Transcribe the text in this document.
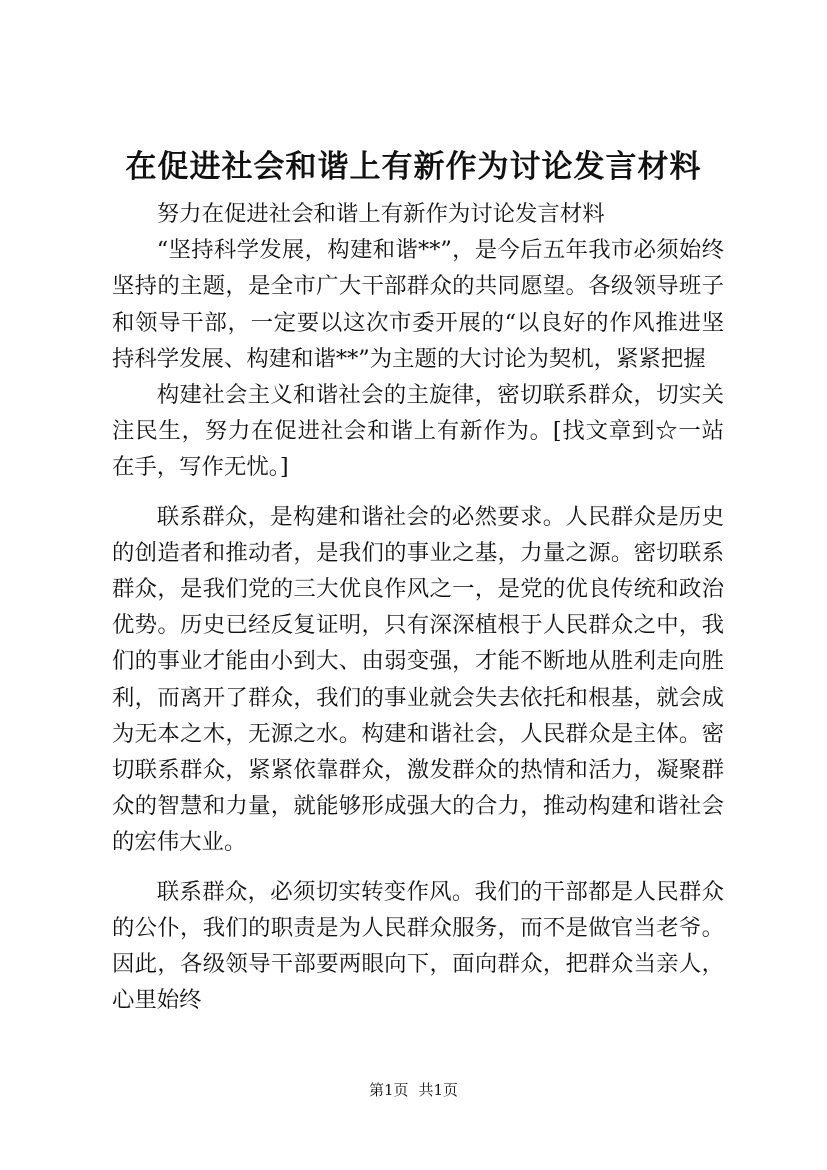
在促进社会和谐上有新作为讨论发言材料

努力在促进社会和谐上有新作为讨论发言材料

“坚持科学发展，构建和谐**”，是今后五年我市必须始终坚持的主题，是全市广大干部群众的共同愿望。各级领导班子和领导干部，一定要以这次市委开展的“以良好的作风推进坚持科学发展、构建和谐**”为主题的大讨论为契机，紧紧把握

构建社会主义和谐社会的主旋律，密切联系群众，切实关注民生，努力在促进社会和谐上有新作为。[找文章到☆一站在手，写作无忧。]

联系群众，是构建和谐社会的必然要求。人民群众是历史的创造者和推动者，是我们的事业之基，力量之源。密切联系群众，是我们党的三大优良作风之一，是党的优良传统和政治优势。历史已经反复证明，只有深深植根于人民群众之中，我们的事业才能由小到大、由弱变强，才能不断地从胜利走向胜利，而离开了群众，我们的事业就会失去依托和根基，就会成为无本之木，无源之水。构建和谐社会，人民群众是主体。密切联系群众，紧紧依靠群众，激发群众的热情和活力，凝聚群众的智慧和力量，就能够形成强大的合力，推动构建和谐社会的宏伟大业。

联系群众，必须切实转变作风。我们的干部都是人民群众的公仆，我们的职责是为人民群众服务，而不是做官当老爷。因此，各级领导干部要两眼向下，面向群众，把群众当亲人，心里始终

第1页 共1页
